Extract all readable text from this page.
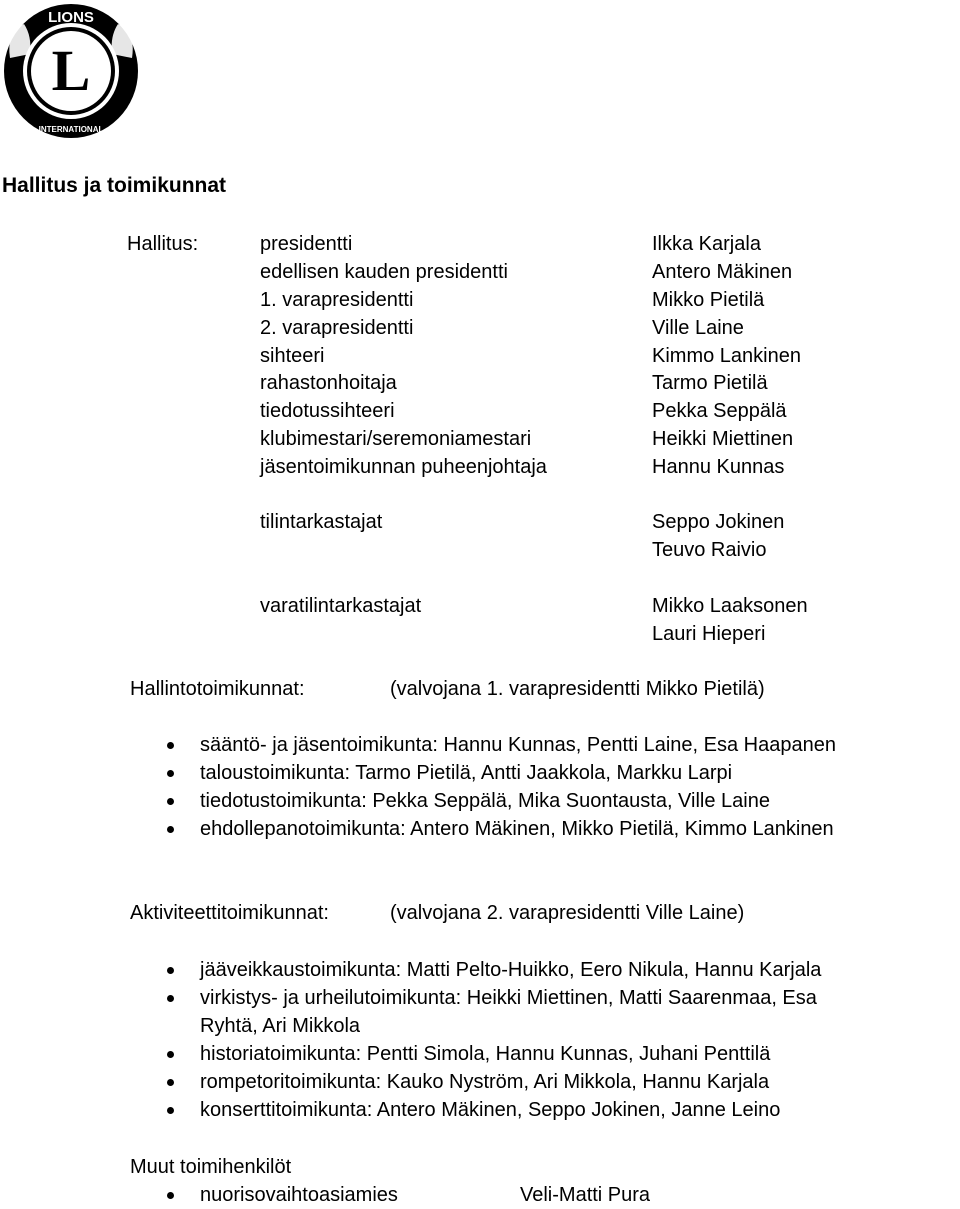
L
LIONS
INTERNATIONAL
Hallitus ja toimikunnat
Hallitus:	presidentti	Ilkka Karjala
edellisen kauden presidentti	Antero Mäkinen
1. varapresidentti	Mikko Pietilä
2. varapresidentti	Ville Laine
sihteeri	Kimmo Lankinen
rahastonhoitaja	Tarmo Pietilä
tiedotussihteeri	Pekka Seppälä
klubimestari/seremoniamestari	Heikki Miettinen
jäsentoimikunnan puheenjohtaja	Hannu Kunnas
tilintarkastajat	Seppo Jokinen
Teuvo Raivio
varatilintarkastajat	Mikko Laaksonen
Lauri Hieperi
Hallintotoimikunnat:	(valvojana 1. varapresidentti Mikko Pietilä)
sääntö- ja jäsentoimikunta: Hannu Kunnas, Pentti Laine, Esa Haapanen
taloustoimikunta: Tarmo Pietilä, Antti Jaakkola, Markku Larpi
tiedotustoimikunta: Pekka Seppälä, Mika Suontausta, Ville Laine
ehdollepanotoimikunta: Antero Mäkinen, Mikko Pietilä, Kimmo Lankinen
Aktiviteettitoimikunnat:	(valvojana 2. varapresidentti Ville Laine)
jääveikkaustoimikunta: Matti Pelto-Huikko, Eero Nikula, Hannu Karjala
virkistys- ja urheilutoimikunta: Heikki Miettinen, Matti Saarenmaa, Esa
Ryhtä, Ari Mikkola
historiatoimikunta: Pentti Simola, Hannu Kunnas, Juhani Penttilä
rompetoritoimikunta: Kauko Nyström, Ari Mikkola, Hannu Karjala
konserttitoimikunta: Antero Mäkinen, Seppo Jokinen, Janne Leino
Muut toimihenkilöt
nuorisovaihtoasiamies	Veli-Matti Pura
